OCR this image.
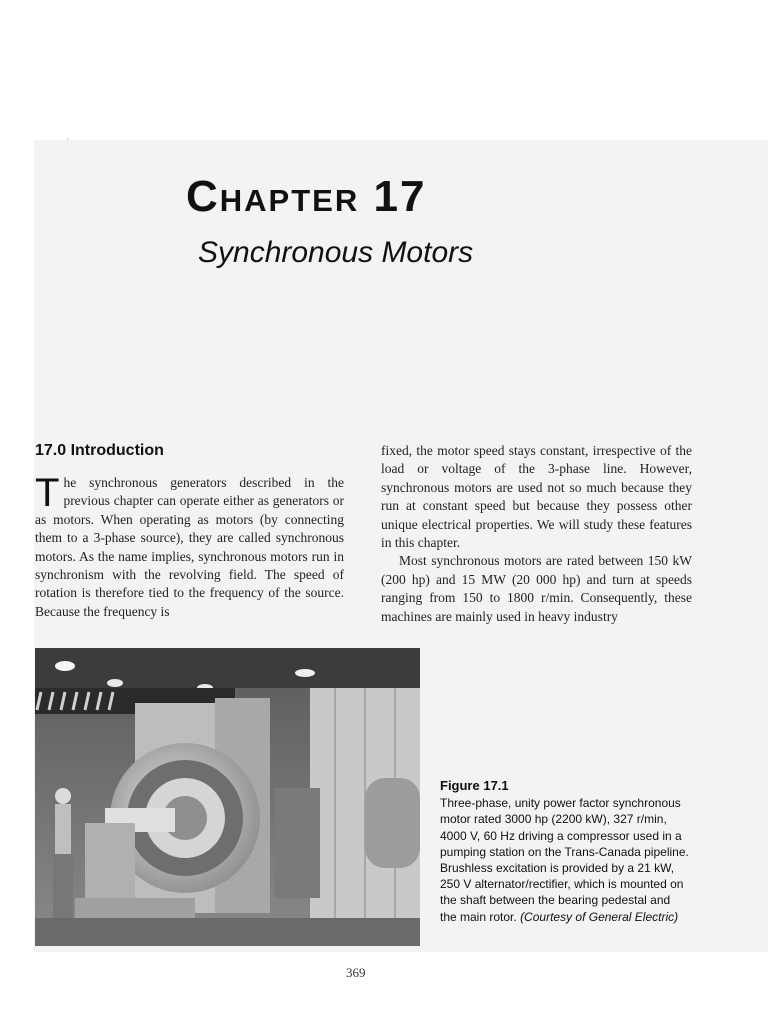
·
Chapter 17
Synchronous Motors
17.0 Introduction

The synchronous generators described in the previous chapter can operate either as generators or as motors. When operating as motors (by connecting them to a 3-phase source), they are called synchronous motors. As the name implies, synchronous motors run in synchronism with the revolving field. The speed of rotation is therefore tied to the frequency of the source. Because the frequency is

fixed, the motor speed stays constant, irrespective of the load or voltage of the 3-phase line. However, synchronous motors are used not so much because they run at constant speed but because they possess other unique electrical properties. We will study these features in this chapter.

Most synchronous motors are rated between 150 kW (200 hp) and 15 MW (20 000 hp) and turn at speeds ranging from 150 to 1800 r/min. Consequently, these machines are mainly used in heavy industry

Figure 17.1
Three-phase, unity power factor synchronous motor rated 3000 hp (2200 kW), 327 r/min, 4000 V, 60 Hz driving a compressor used in a pumping station on the Trans-Canada pipeline. Brushless excitation is provided by a 21 kW, 250 V alternator/rectifier, which is mounted on the shaft between the bearing pedestal and the main rotor. (Courtesy of General Electric)
369
